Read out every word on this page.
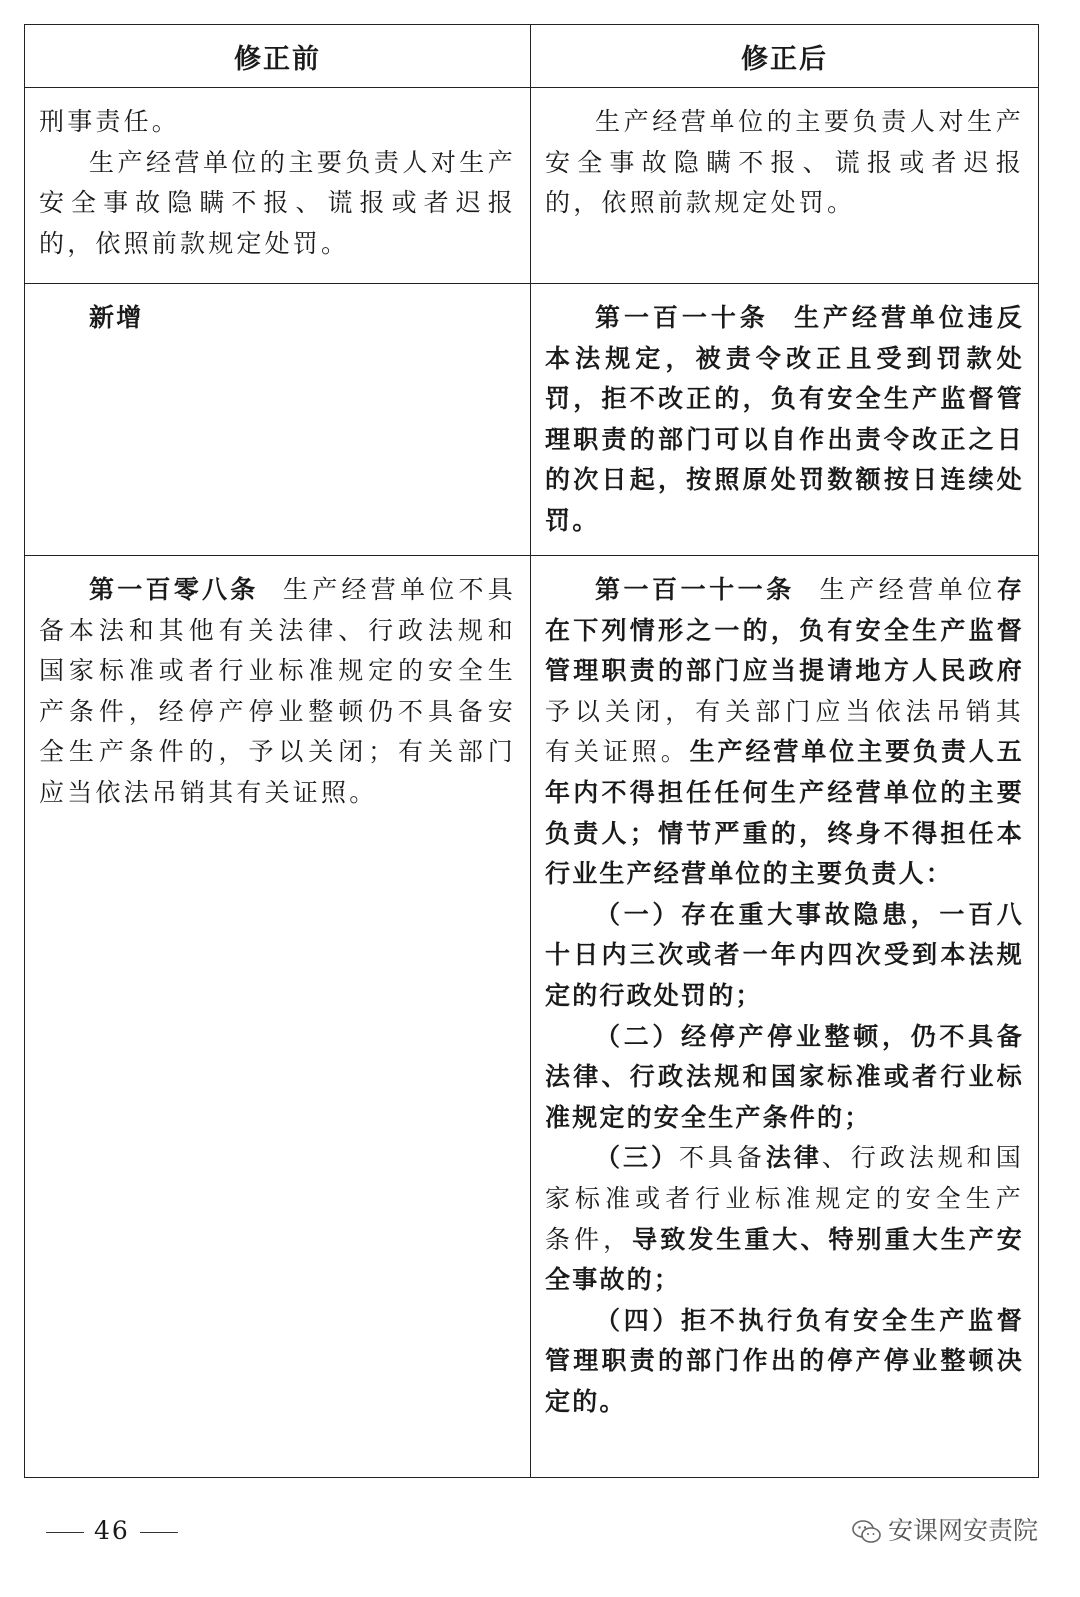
修正前	修正后

刑事责任。

生产经营单位的主要负责人对生产安全事故隐瞒不报、谎报或者迟报的，依照前款规定处罚。	生产经营单位的主要负责人对生产安全事故隐瞒不报、谎报或者迟报的，依照前款规定处罚。

新增	第一百一十条 生产经营单位违反本法规定，被责令改正且受到罚款处罚，拒不改正的，负有安全生产监督管理职责的部门可以自作出责令改正之日的次日起，按照原处罚数额按日连续处罚。

第一百零八条 生产经营单位不具备本法和其他有关法律、行政法规和国家标准或者行业标准规定的安全生产条件，经停产停业整顿仍不具备安全生产条件的，予以关闭；有关部门应当依法吊销其有关证照。	第一百一十一条 生产经营单位存在下列情形之一的，负有安全生产监督管理职责的部门应当提请地方人民政府予以关闭，有关部门应当依法吊销其有关证照。生产经营单位主要负责人五年内不得担任任何生产经营单位的主要负责人；情节严重的，终身不得担任本行业生产经营单位的主要负责人：

（一）存在重大事故隐患，一百八十日内三次或者一年内四次受到本法规定的行政处罚的；

（二）经停产停业整顿，仍不具备法律、行政法规和国家标准或者行业标准规定的安全生产条件的；

（三）不具备法律、行政法规和国家标准或者行业标准规定的安全生产条件，导致发生重大、特别重大生产安全事故的；

（四）拒不执行负有安全生产监督管理职责的部门作出的停产停业整顿决定的。

46	安课网安责院
